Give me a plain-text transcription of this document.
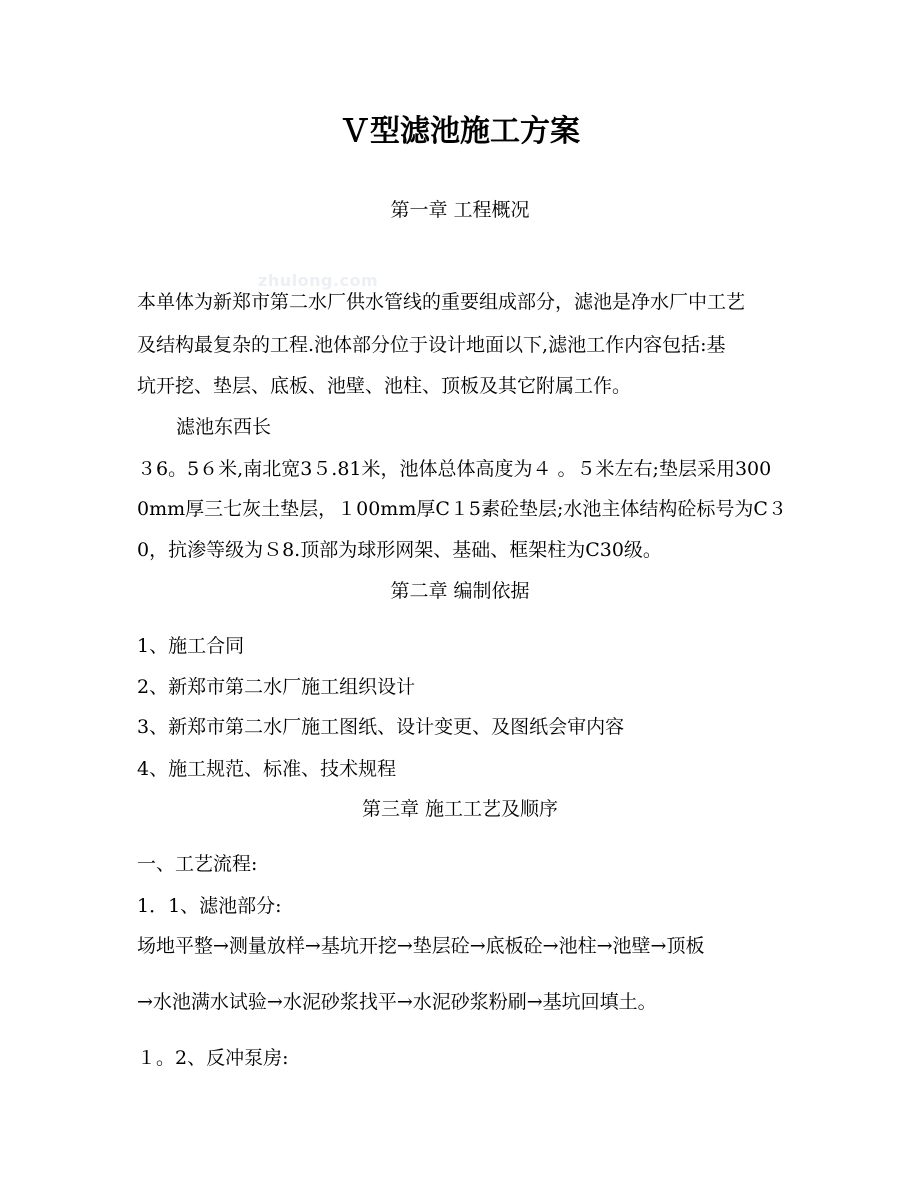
Ｖ型滤池施工方案
第一章 工程概况
zhulong.com
本单体为新郑市第二水厂供水管线的重要组成部分，滤池是净水厂中工艺
及结构最复杂的工程.池体部分位于设计地面以下,滤池工作内容包括:基
坑开挖、垫层、底板、池壁、池柱、顶板及其它附属工作。
滤池东西长
３6。5６米,南北宽3５.81米，池体总体高度为４ 。５米左右;垫层采用300
0mm厚三七灰土垫层，１00mm厚C１5素砼垫层;水池主体结构砼标号为C３
0，抗渗等级为Ｓ8.顶部为球形网架、基础、框架柱为C30级。
第二章 编制依据
1、施工合同
2、新郑市第二水厂施工组织设计
3、新郑市第二水厂施工图纸、设计变更、及图纸会审内容
4、施工规范、标准、技术规程
第三章 施工工艺及顺序
一、工艺流程:
1．1、滤池部分:
场地平整→测量放样→基坑开挖→垫层砼→底板砼→池柱→池壁→顶板
→水池满水试验→水泥砂浆找平→水泥砂浆粉刷→基坑回填土。
１。2、反冲泵房:
